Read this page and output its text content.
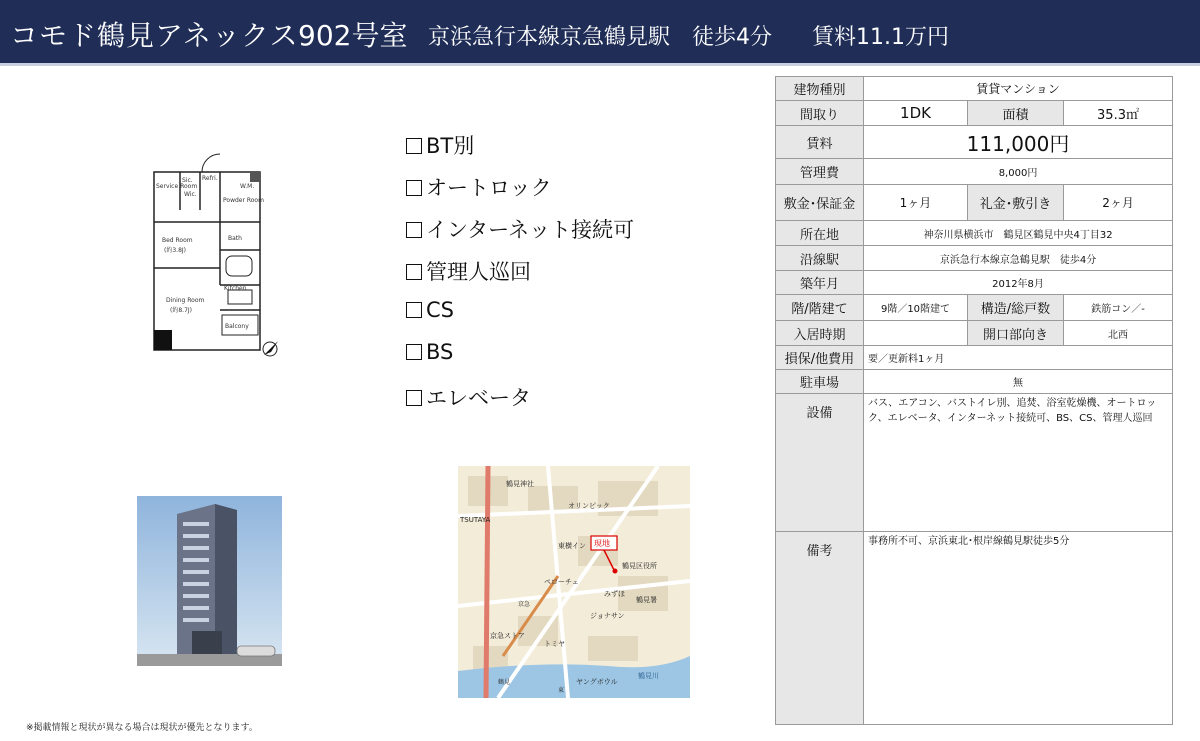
コモド鶴見アネックス 902号室 京浜急行本線京急鶴見駅　徒歩4分 賃料11.1万円
Sic.
Service Room
Wic.
Refri.
Powder Room
W.M.
Bed Room
(約3.8J)
Bath
Dining Room
(約8.7J)
Kitchen
Balcony
BT別
オートロック
インターネット接続可
管理人巡回
CS
BS
エレベータ
鶴見神社
TSUTAYA
オリンピック
東横イン 現地
鶴見区役所
ペローチェ
みずほ
鶴見署
ジョナサン
京急ストア
トミヤ
ヤングボウル
鶴見川
京急
鶴見
東
※掲載情報と現状が異なる場合は現状が優先となります。
建物種別	賃貸マンション		
間取り	1DK	面積	35.3㎡
賃料	111,000円		
管理費	8,000円		
敷金･保証金	1ヶ月	礼金･敷引き	2ヶ月
所在地	神奈川県横浜市　鶴見区鶴見中央4丁目32		
沿線駅	京浜急行本線京急鶴見駅　徒歩4分		
築年月	2012年8月		
階/階建て	9階／10階建て	構造/総戸数	鉄筋コン／-
入居時期		開口部向き	北西
損保/他費用	要／更新料1ヶ月		
駐車場	無		
設備	バス、エアコン、バストイレ別、追焚、浴室乾燥機、オートロック、エレベータ、インターネット接続可、BS、CS、管理人巡回		
備考	事務所不可、京浜東北･根岸線鶴見駅徒歩5分		
